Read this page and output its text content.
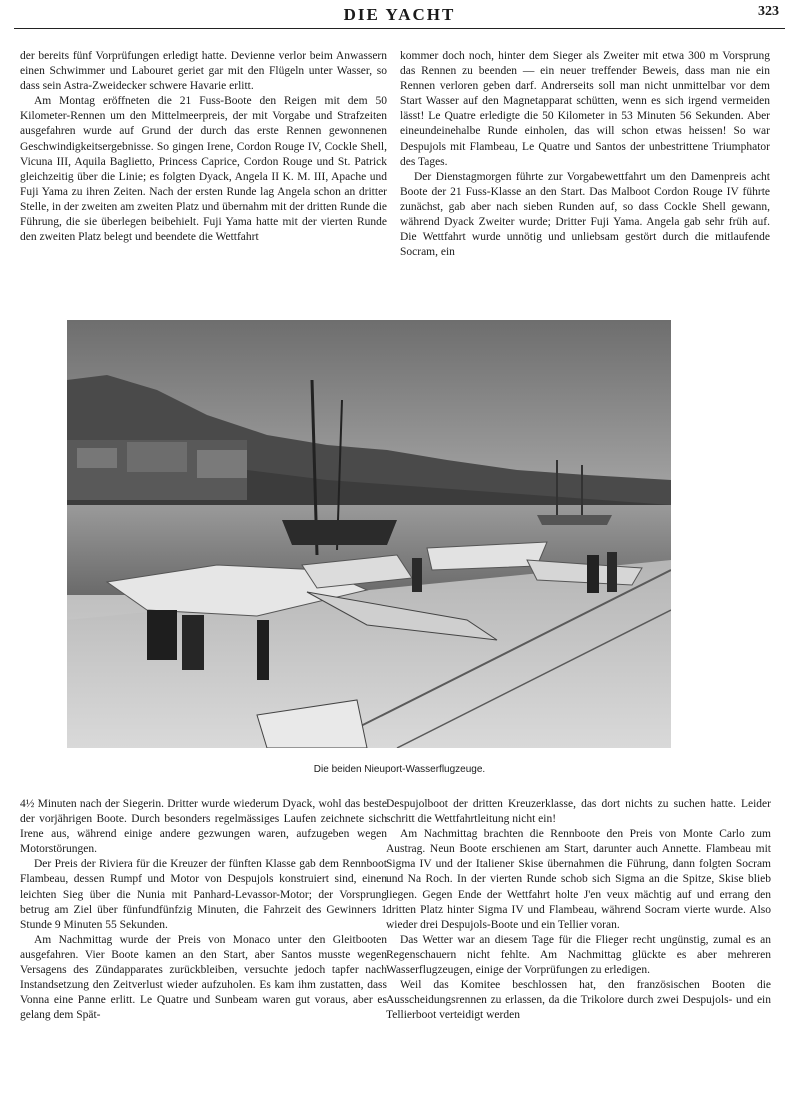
DIE YACHT	323

der bereits fünf Vorprüfungen erledigt hatte. Devienne verlor beim Anwassern einen Schwimmer und Labouret geriet gar mit den Flügeln unter Wasser, so dass sein Astra-Zweidecker schwere Havarie erlitt.

Am Montag eröffneten die 21 Fuss-Boote den Reigen mit dem 50 Kilometer-Rennen um den Mittelmeerpreis, der mit Vorgabe und Strafzeiten ausgefahren wurde auf Grund der durch das erste Rennen gewonnenen Geschwindigkeitsergebnisse. So gingen Irene, Cordon Rouge IV, Cockle Shell, Vicuna III, Aquila Baglietto, Princess Caprice, Cordon Rouge und St. Patrick gleichzeitig über die Linie; es folgten Dyack, Angela II K. M. III, Apache und Fuji Yama zu ihren Zeiten. Nach der ersten Runde lag Angela schon an dritter Stelle, in der zweiten am zweiten Platz und übernahm mit der dritten Runde die Führung, die sie überlegen beibehielt. Fuji Yama hatte mit der vierten Runde den zweiten Platz belegt und beendete die Wettfahrt

kommer doch noch, hinter dem Sieger als Zweiter mit etwa 300 m Vorsprung das Rennen zu beenden — ein neuer treffender Beweis, dass man nie ein Rennen verloren geben darf. Andrerseits soll man nicht unmittelbar vor dem Start Wasser auf den Magnetapparat schütten, wenn es sich irgend vermeiden lässt! Le Quatre erledigte die 50 Kilometer in 53 Minuten 56 Sekunden. Aber eineundeinehalbe Runde einholen, das will schon etwas heissen! So war Despujols mit Flambeau, Le Quatre und Santos der unbestrittene Triumphator des Tages.

Der Dienstagmorgen führte zur Vorgabewettfahrt um den Damenpreis acht Boote der 21 Fuss-Klasse an den Start. Das Malboot Cordon Rouge IV führte zunächst, gab aber nach sieben Runden auf, so dass Cockle Shell gewann, während Dyack Zweiter wurde; Dritter Fuji Yama. Angela gab sehr früh auf. Die Wettfahrt wurde unnötig und unliebsam gestört durch die mitlaufende Socram, ein

Die beiden Nieuport-Wasserflugzeuge.

4½ Minuten nach der Siegerin. Dritter wurde wiederum Dyack, wohl das beste der vorjährigen Boote. Durch besonders regelmässiges Laufen zeichnete sich Irene aus, während einige andere gezwungen waren, aufzugeben wegen Motorstörungen.

Der Preis der Riviera für die Kreuzer der fünften Klasse gab dem Rennboot Flambeau, dessen Rumpf und Motor von Despujols konstruiert sind, einen leichten Sieg über die Nunia mit Panhard-Levassor-Motor; der Vorsprung betrug am Ziel über fünfundfünfzig Minuten, die Fahrzeit des Gewinners 1 Stunde 9 Minuten 55 Sekunden.

Am Nachmittag wurde der Preis von Monaco unter den Gleitbooten ausgefahren. Vier Boote kamen an den Start, aber Santos musste wegen Versagens des Zündapparates zurückbleiben, versuchte jedoch tapfer nach Instandsetzung den Zeitverlust wieder aufzuholen. Es kam ihm zustatten, dass Vonna eine Panne erlitt. Le Quatre und Sunbeam waren gut voraus, aber es gelang dem Spät-

Despujolboot der dritten Kreuzerklasse, das dort nichts zu suchen hatte. Leider schritt die Wettfahrtleitung nicht ein!

Am Nachmittag brachten die Rennboote den Preis von Monte Carlo zum Austrag. Neun Boote erschienen am Start, darunter auch Annette. Flambeau mit Sigma IV und der Italiener Skise übernahmen die Führung, dann folgten Socram und Na Roch. In der vierten Runde schob sich Sigma an die Spitze, Skise blieb liegen. Gegen Ende der Wettfahrt holte J'en veux mächtig auf und errang den dritten Platz hinter Sigma IV und Flambeau, während Socram vierte wurde. Also wieder drei Despujols-Boote und ein Tellier voran.

Das Wetter war an diesem Tage für die Flieger recht ungünstig, zumal es an Regenschauern nicht fehlte. Am Nachmittag glückte es aber mehreren Wasserflugzeugen, einige der Vorprüfungen zu erledigen.

Weil das Komitee beschlossen hat, den französischen Booten die Ausscheidungsrennen zu erlassen, da die Trikolore durch zwei Despujols- und ein Tellierboot verteidigt werden
